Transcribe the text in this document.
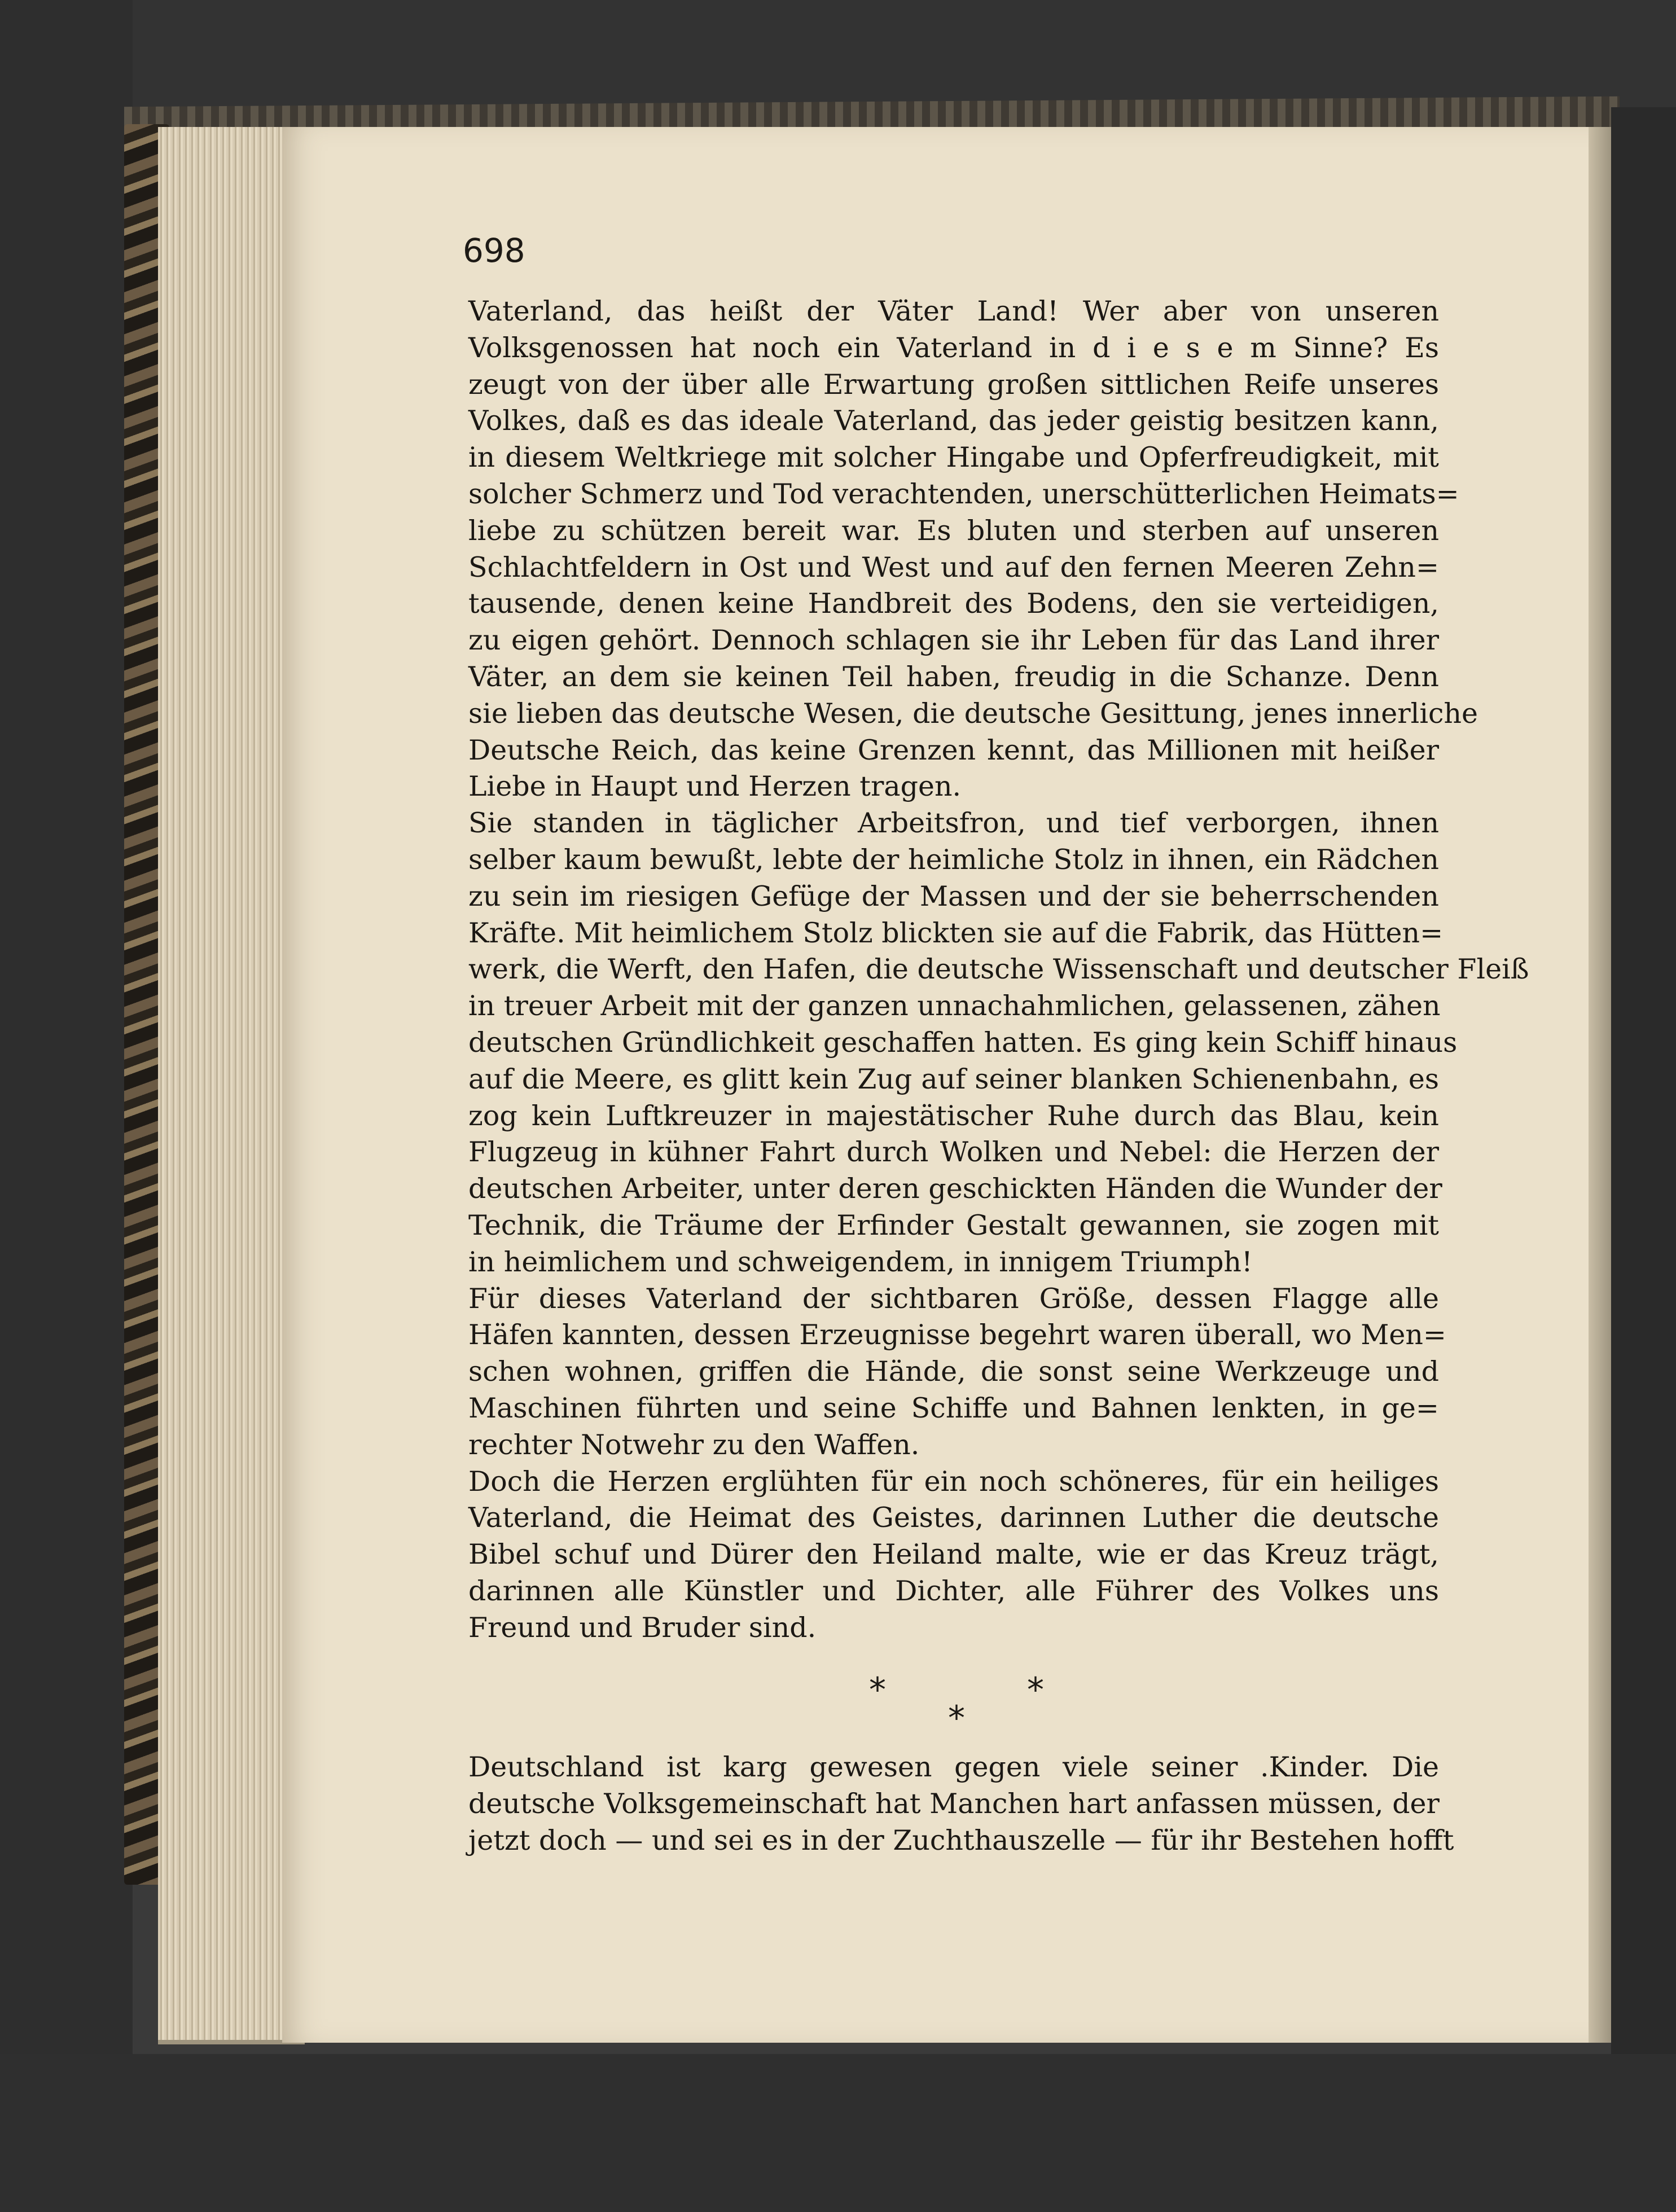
698
Vaterland, das heißt der Väter Land! Wer aber von unseren
Volksgenossen hat noch ein Vaterland in d i e s e m Sinne? Es
zeugt von der über alle Erwartung großen sittlichen Reife unseres
Volkes, daß es das ideale Vaterland, das jeder geistig besitzen kann,
in diesem Weltkriege mit solcher Hingabe und Opferfreudigkeit, mit
solcher Schmerz und Tod verachtenden, unerschütterlichen Heimats=
liebe zu schützen bereit war. Es bluten und sterben auf unseren
Schlachtfeldern in Ost und West und auf den fernen Meeren Zehn=
tausende, denen keine Handbreit des Bodens, den sie verteidigen,
zu eigen gehört. Dennoch schlagen sie ihr Leben für das Land ihrer
Väter, an dem sie keinen Teil haben, freudig in die Schanze. Denn
sie lieben das deutsche Wesen, die deutsche Gesittung, jenes innerliche
Deutsche Reich, das keine Grenzen kennt, das Millionen mit heißer
Liebe in Haupt und Herzen tragen.
Sie standen in täglicher Arbeitsfron, und tief verborgen, ihnen
selber kaum bewußt, lebte der heimliche Stolz in ihnen, ein Rädchen
zu sein im riesigen Gefüge der Massen und der sie beherrschenden
Kräfte. Mit heimlichem Stolz blickten sie auf die Fabrik, das Hütten=
werk, die Werft, den Hafen, die deutsche Wissenschaft und deutscher Fleiß
in treuer Arbeit mit der ganzen unnachahmlichen, gelassenen, zähen
deutschen Gründlichkeit geschaffen hatten. Es ging kein Schiff hinaus
auf die Meere, es glitt kein Zug auf seiner blanken Schienenbahn, es
zog kein Luftkreuzer in majestätischer Ruhe durch das Blau, kein
Flugzeug in kühner Fahrt durch Wolken und Nebel: die Herzen der
deutschen Arbeiter, unter deren geschickten Händen die Wunder der
Technik, die Träume der Erfinder Gestalt gewannen, sie zogen mit
in heimlichem und schweigendem, in innigem Triumph!
Für dieses Vaterland der sichtbaren Größe, dessen Flagge alle
Häfen kannten, dessen Erzeugnisse begehrt waren überall, wo Men=
schen wohnen, griffen die Hände, die sonst seine Werkzeuge und
Maschinen führten und seine Schiffe und Bahnen lenkten, in ge=
rechter Notwehr zu den Waffen.
Doch die Herzen erglühten für ein noch schöneres, für ein heiliges
Vaterland, die Heimat des Geistes, darinnen Luther die deutsche
Bibel schuf und Dürer den Heiland malte, wie er das Kreuz trägt,
darinnen alle Künstler und Dichter, alle Führer des Volkes uns
Freund und Bruder sind.
*
*
*
Deutschland ist karg gewesen gegen viele seiner .Kinder. Die
deutsche Volksgemeinschaft hat Manchen hart anfassen müssen, der
jetzt doch — und sei es in der Zuchthauszelle — für ihr Bestehen hofft
